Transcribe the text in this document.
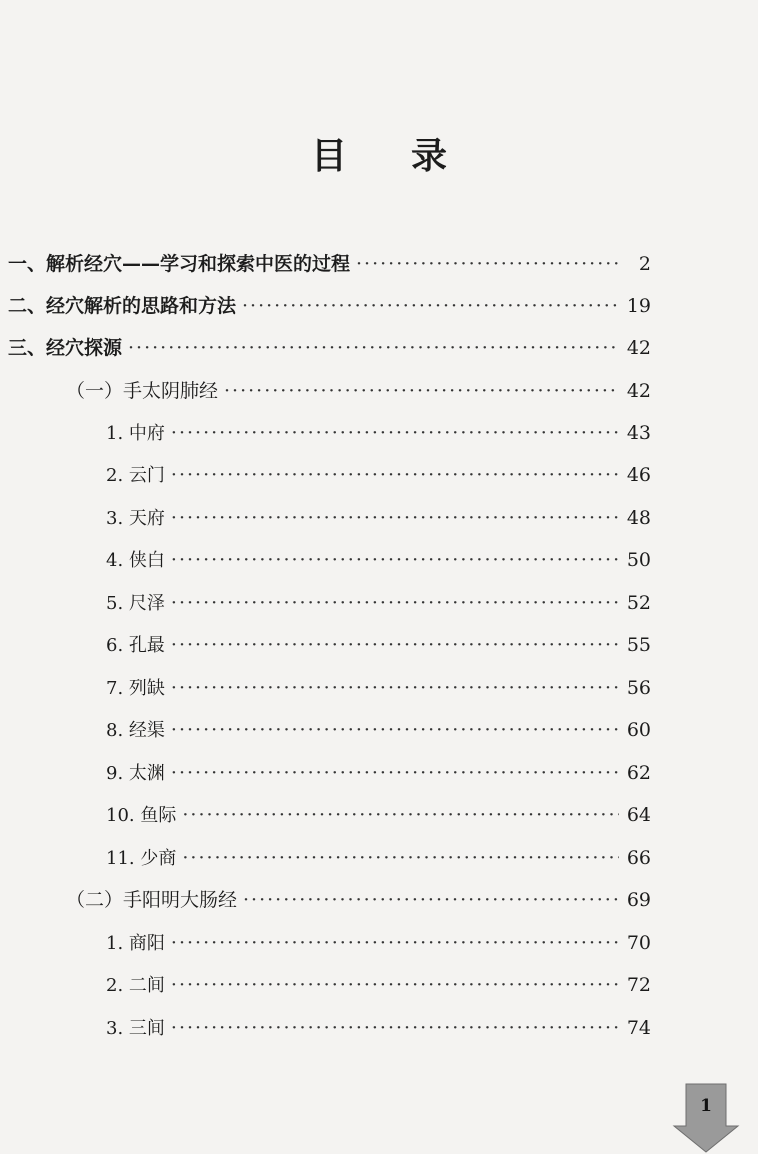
目 录
一、解析经穴——学习和探索中医的过程 ·····	2
二、经穴解析的思路和方法 ·····	19
三、经穴探源 ·····	42
（一）手太阴肺经 ·····	42
1. 中府 ·····	43
2. 云门 ·····	46
3. 天府 ·····	48
4. 侠白 ·····	50
5. 尺泽 ·····	52
6. 孔最 ·····	55
7. 列缺 ·····	56
8. 经渠 ·····	60
9. 太渊 ·····	62
10. 鱼际 ·····	64
11. 少商 ·····	66
（二）手阳明大肠经 ·····	69
1. 商阳 ·····	70
2. 二间 ·····	72
3. 三间 ·····	74
1
